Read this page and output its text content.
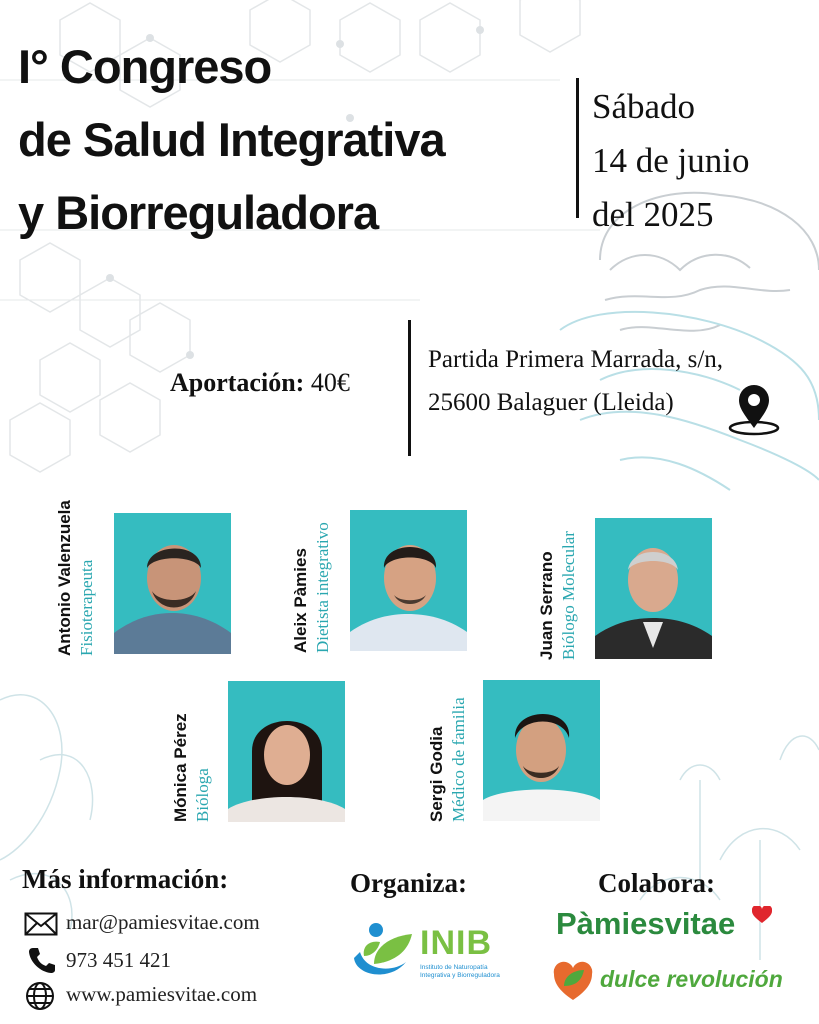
I° Congreso
de Salud Integrativa
y Biorreguladora
Sábado
14 de junio
del 2025
Aportación: 40€
Partida Primera Marrada, s/n,
25600 Balaguer (Lleida)
Antonio Valenzuela Fisioterapeuta	Aleix Pàmies Dietista integrativo	Juan Serrano Biólogo Molecular
Mónica Pérez Bióloga	Sergi Godia Médico de familia
Más información:
mar@pamiesvitae.com
973 451 421
www.pamiesvitae.com
Organiza:
INIB
Instituto de Naturopatía
Integrativa y Biorreguladora
Colabora:
Pàmiesvitae
dulce revolución
